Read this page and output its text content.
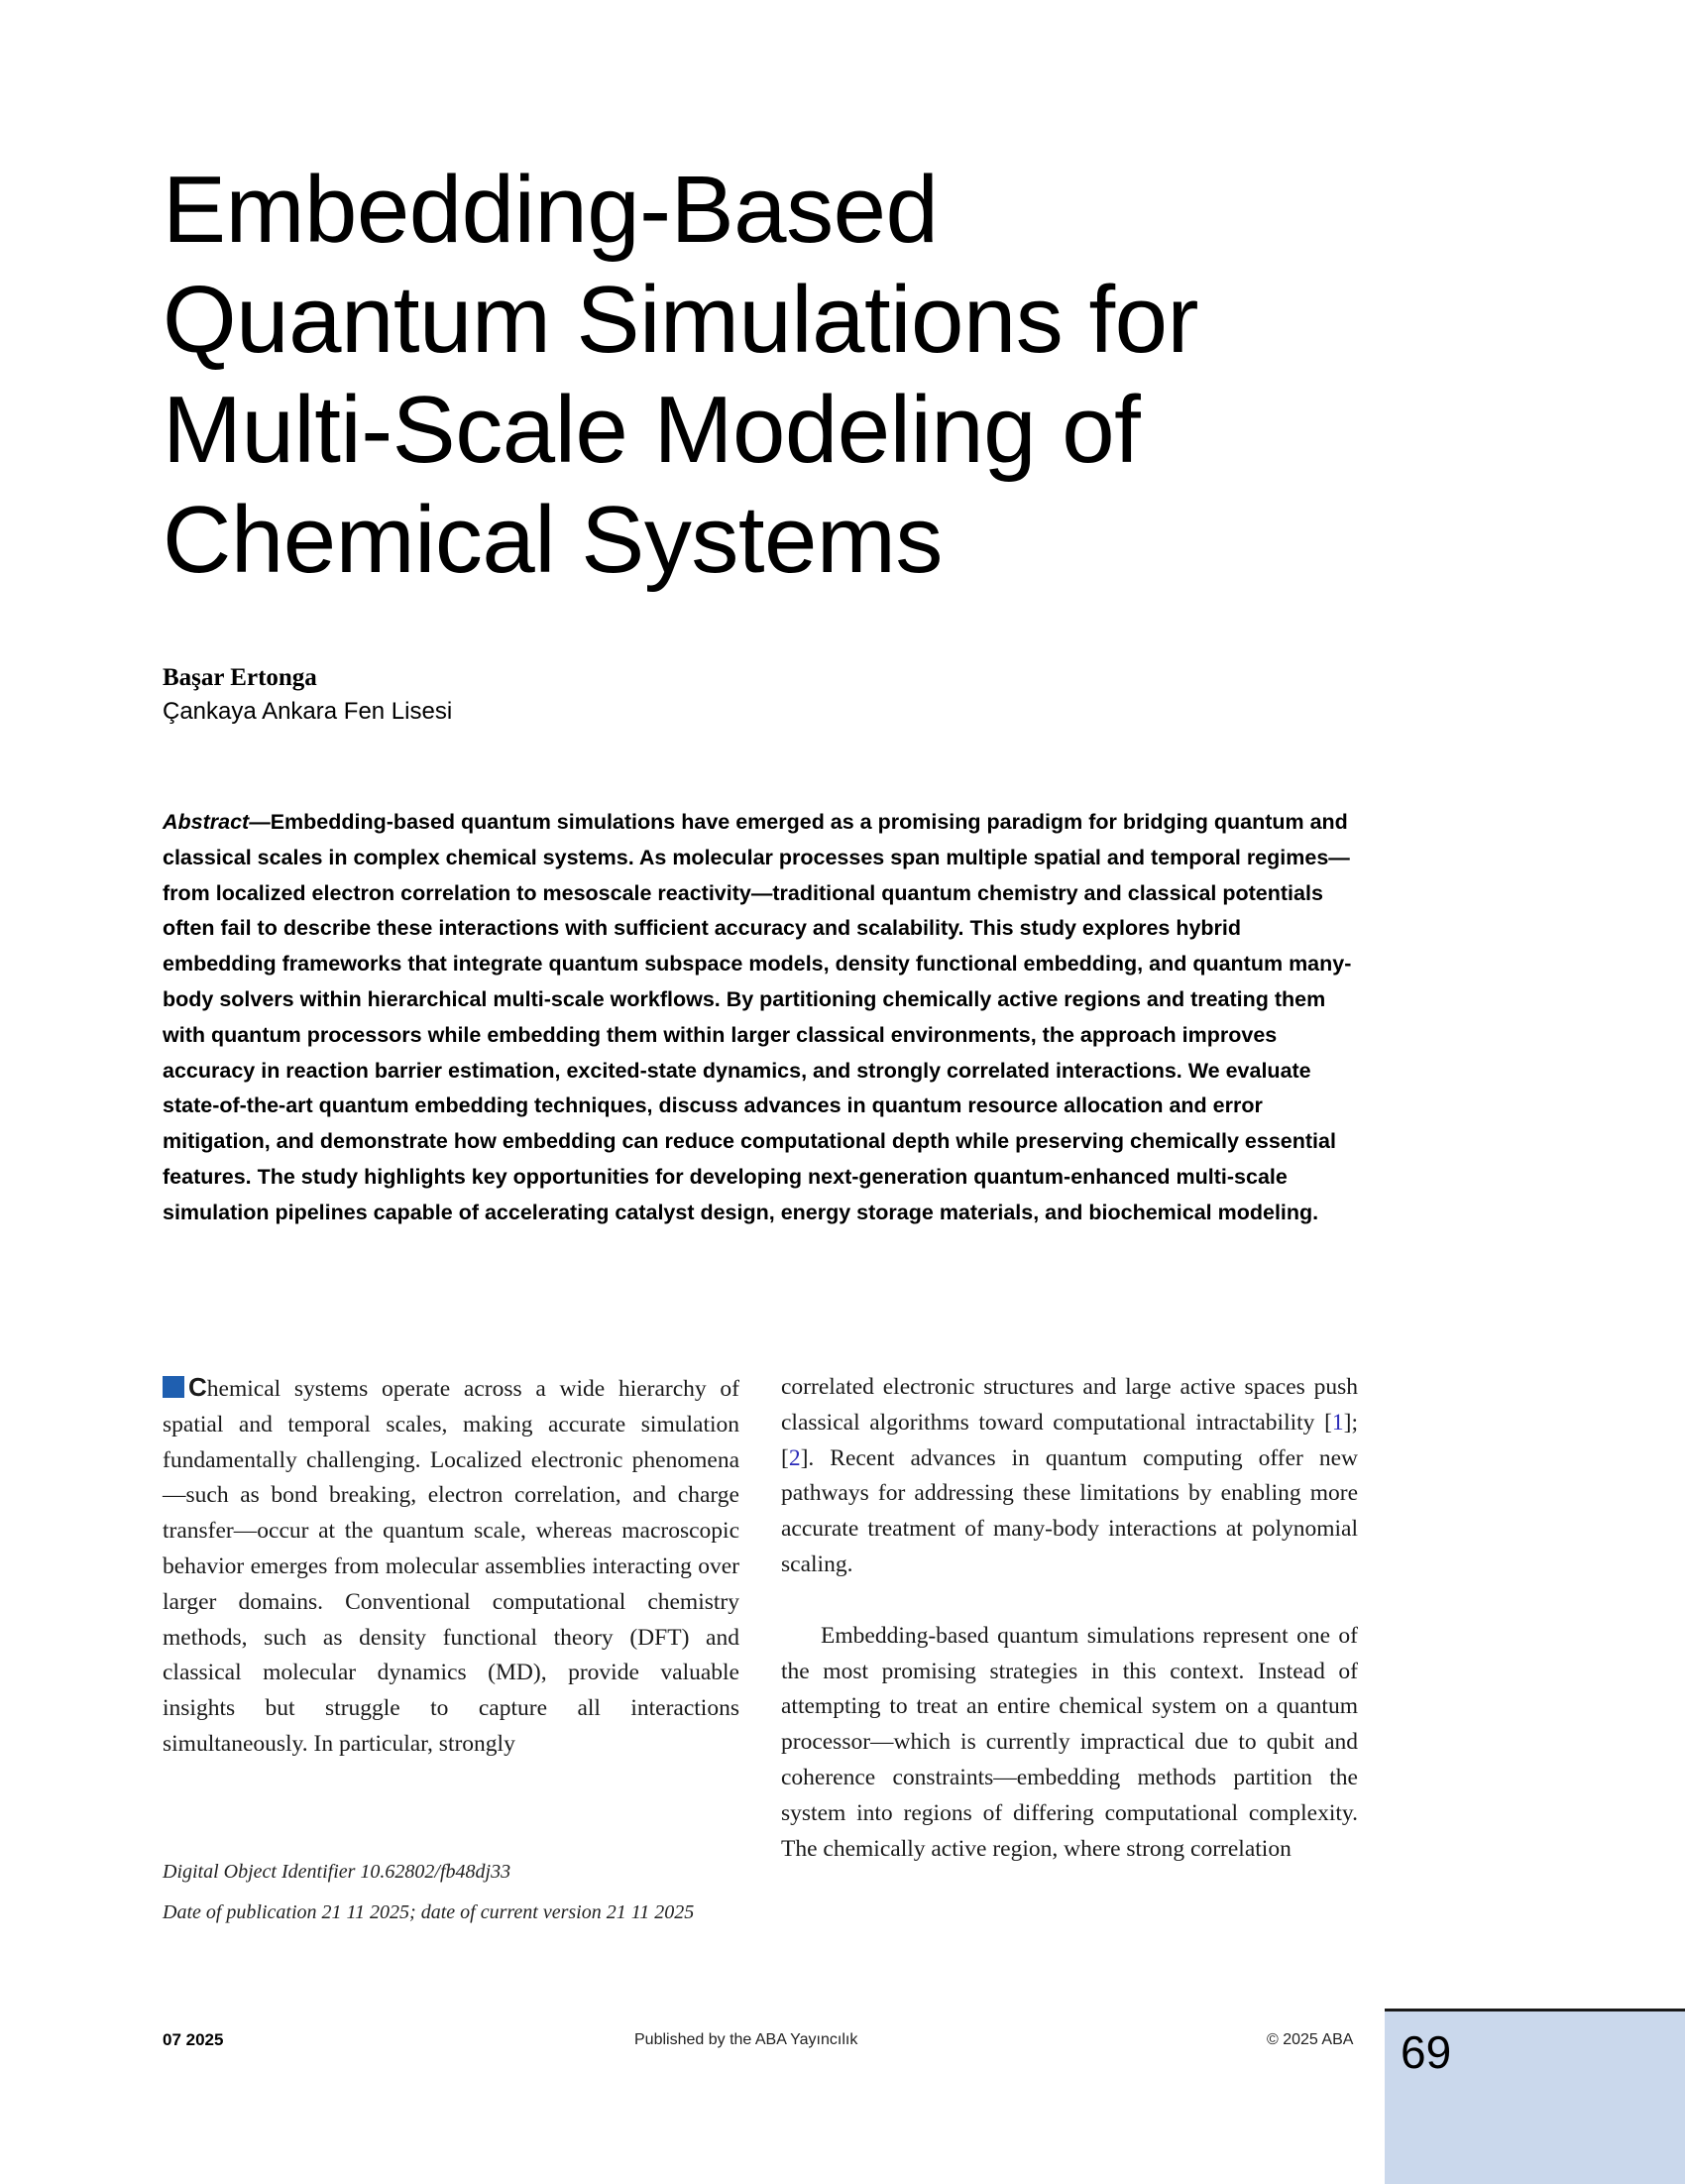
Embedding-Based
Quantum Simulations for
Multi-Scale Modeling of
Chemical Systems
Başar Ertonga
Çankaya Ankara Fen Lisesi

Abstract—Embedding-based quantum simulations have emerged as a promising paradigm for bridging quantum and classical scales in complex chemical systems. As molecular processes span multiple spatial and temporal regimes—from localized electron correlation to mesoscale reactivity—traditional quantum chemistry and classical potentials often fail to describe these interactions with sufficient accuracy and scalability. This study explores hybrid embedding frameworks that integrate quantum subspace models, density functional embedding, and quantum many-body solvers within hierarchical multi-scale workflows. By partitioning chemically active regions and treating them with quantum processors while embedding them within larger classical environments, the approach improves accuracy in reaction barrier estimation, excited-state dynamics, and strongly correlated interactions. We evaluate state-of-the-art quantum embedding techniques, discuss advances in quantum resource allocation and error mitigation, and demonstrate how embedding can reduce computational depth while preserving chemically essential features. The study highlights key opportunities for developing next-generation quantum-enhanced multi-scale simulation pipelines capable of accelerating catalyst design, energy storage materials, and biochemical modeling.

Chemical systems operate across a wide hierarchy of spatial and temporal scales, making accurate simulation fundamentally challenging. Localized electronic phenomena—such as bond breaking, electron correlation, and charge transfer—occur at the quantum scale, whereas macroscopic behavior emerges from molecular assemblies interacting over larger domains. Conventional computational chemistry methods, such as density functional theory (DFT) and classical molecular dynamics (MD), provide valuable insights but struggle to capture all interactions simultaneously. In particular, strongly

Digital Object Identifier 10.62802/fb48dj33
Date of publication 21 11 2025; date of current version 21 11 2025

correlated electronic structures and large active spaces push classical algorithms toward computational intractability [1];[2]. Recent advances in quantum computing offer new pathways for addressing these limitations by enabling more accurate treatment of many-body interactions at polynomial scaling.

Embedding-based quantum simulations represent one of the most promising strategies in this context. Instead of attempting to treat an entire chemical system on a quantum processor—which is currently impractical due to qubit and coherence constraints—embedding methods partition the system into regions of differing computational complexity. The chemically active region, where strong correlation

07 2025	Published by the ABA Yayıncılık	© 2025 ABA 69
